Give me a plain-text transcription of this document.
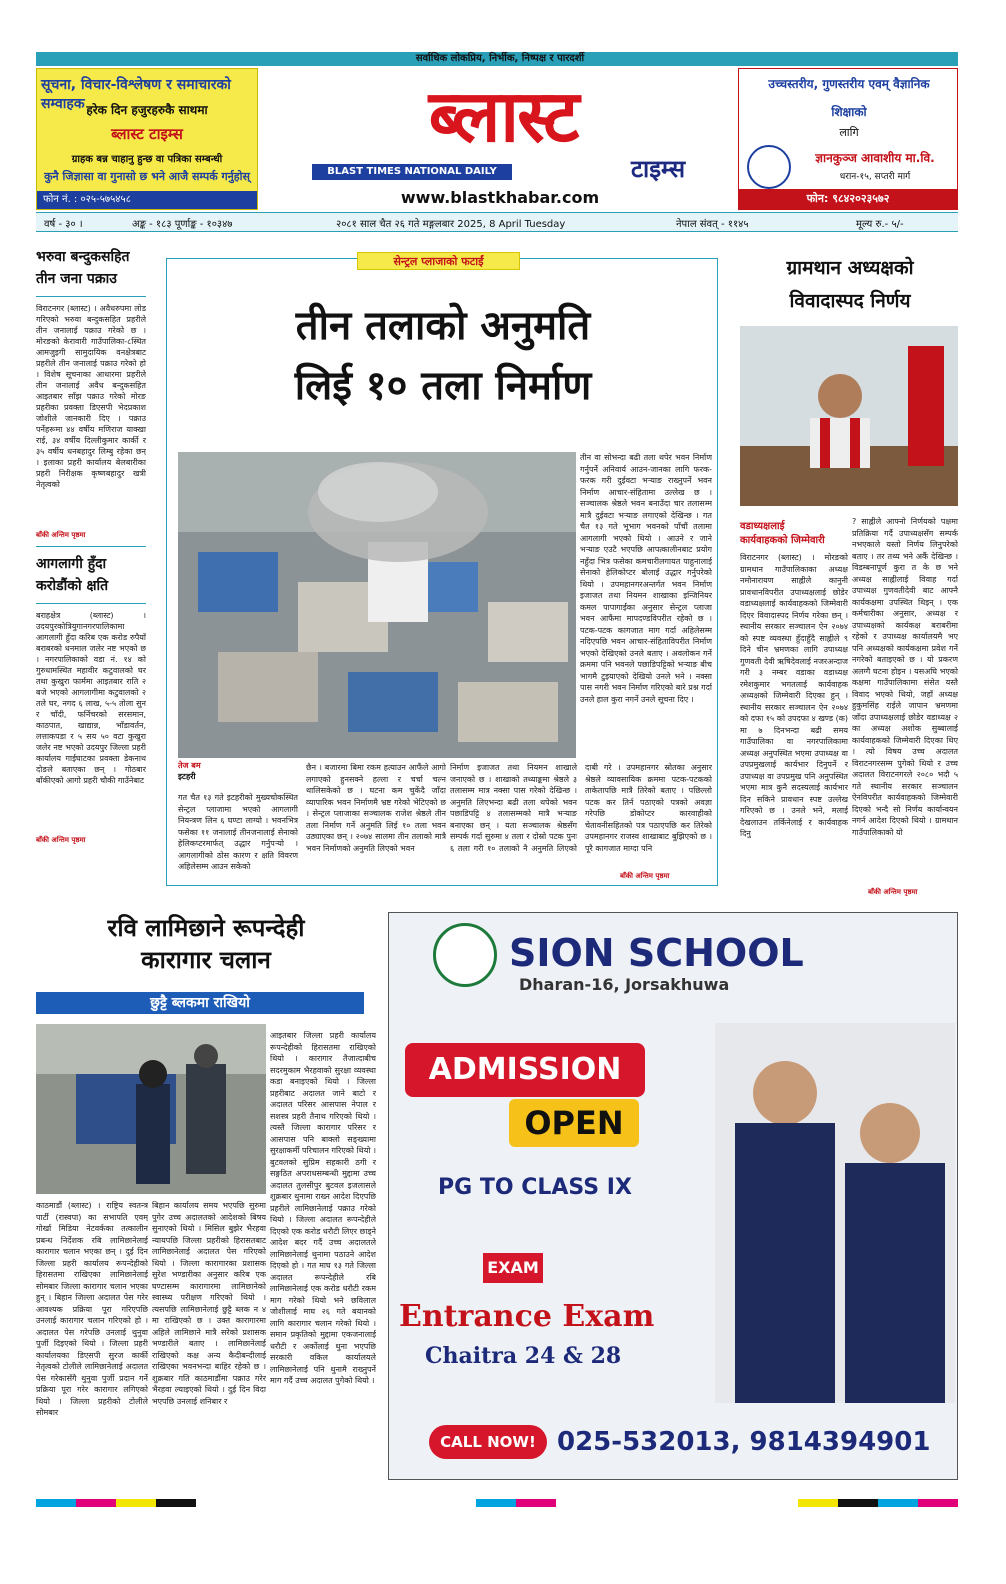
सर्वाधिक लोकप्रिय, निर्भीक, निष्पक्ष र पारदर्शी
सूचना, विचार-विश्लेषण र समाचारको सम्वाहक हरेक दिन हजुरहरुकै साथमा
ब्लास्ट टाइम्स
ग्राहक बन्न चाहानु हुन्छ वा पत्रिका सम्बन्धी
कुनै जिज्ञासा वा गुनासो छ भने आजै सम्पर्क गर्नुहोस्
फोन नं. : ०२५-५७५४५८
ब्लास्ट
BLAST TIMES NATIONAL DAILY	टाइम्स
www.blastkhabar.com
उच्चस्तरीय, गुणस्तरीय एवम् वैज्ञानिक
शिक्षाको
लागि
ज्ञानकुञ्ज आवाशीय मा.वि.
धरान-१५, सप्तरी मार्ग
फोन: ९८४२०२३५७२
वर्ष - ३० ।	अङ्क - १८३ पूर्णाङ्क - १०३४७	२०८१ साल चैत २६ गते मङ्गलबार 2025, 8 April Tuesday	नेपाल संवत् - ११४५	मूल्य रु.- ५/-
भरुवा बन्दुकसहित
तीन जना पक्राउ
विराटनगर (ब्लास्ट) । अवैधरुपमा लोड गरिएको भरुवा बन्दुकसहित प्रहरीले तीन जनालाई पक्राउ गरेको छ । मोरङको केरावारी गाउँपालिका-८स्थित आमजुइगी सामुदायिक वनक्षेत्रबाट प्रहरीले तीन जनालाई पक्राउ गरेको हो । विशेष सूचनाका आधारमा प्रहरीले तीन जनालाई अवैध बन्दुकसहित आइतबार साँझ पक्राउ गरेको मोरङ प्रहरीका प्रवक्ता डिएसपी भेदप्रकाश जोशीले जानकारी दिए । पक्राउ पर्नेहरूमा ४४ वर्षीय मणिराज याक्खा राई, ३४ वर्षीय दिल्लीकुमार कार्की र ३५ वर्षीय धनबहादुर लिम्बु रहेका छन् । इलाका प्रहरी कार्यालय बेलबारीका प्रहरी निरीक्षक कृष्णबहादुर खत्री नेतृत्वको
बाँकी अन्तिम पृष्ठमा
आगलागी हुँदा
करोडौंको क्षति
बराहक्षेत्र (ब्लास्ट) । उदयपुरकोत्रियुगानगरपालिकामा आगलागी हुँदा करिब एक करोड रुपैयाँ बराबरको धनमाल जलेर नष्ट भएको छ । नगरपालिकाको वडा नं. १४ को गुरुधामस्थित महावीर कटुवालको घर तथा कुखुरा फार्ममा आइतबार राति २ बजे भएको आगलागीमा कटुवालको २ तले घर, नगद ६ लाख, ५-५ तोला सुन र चाँदी, फर्निचरको सरसमान, काठपात, खाद्यान्न, भाँडावर्तन, लत्ताकपडा र ५ सय ५० वटा कुखुरा जलेर नष्ट भएको उदयपुर जिल्ला प्रहरी कार्यालय गाईघाटका प्रवक्ता डेकनाथ दोङले बताएका छन् । गोठबार बाँकीएको आगो प्रहरी चौकी गाउँनेबाट
बाँकी अन्तिम पृष्ठमा
सेन्ट्रल प्लाजाको फटाईं
तीन तलाको अनुमति
लिई १० तला निर्माण
तेज बम
इटहरी
तीन वा सोभन्दा बढी तला थपेर भवन निर्माण गर्नुपर्ने अनिवार्य आउन-जानका लागि फरक-फरक गरी दुईवटा भऱ्याङ राख्नुपर्ने भवन निर्माण आचार-संहितामा उल्लेख छ । सञ्चालक श्रेष्ठले भवन बनाउँदा चार तलासम्म मात्रै दुईवटा भऱ्याङ लगाएको देखिन्छ । गत चैत १३ गते भूभाग भवनको पाँचौं तलामा आगलागी भएको थियो । आउने र जाने भऱ्याङ एउटै भएपछि आपत्कालीनबाट प्रयोग नहुँदा भित्र फसेका कमचारीलगायत पाहुनालाई सेनाको हेलिकोप्टर बोलाई उद्धार गर्नुपरेको थियो । उपमहानगरअन्तर्गत भवन निर्माण इजाजत तथा नियमन शाखाका इन्जिनियर कमल पापागाईंका अनुसार सेन्ट्रल प्लाजा भवन आफैंमा मापदण्डविपरीत रहेको छ । पटक-पटक कागजात माग गर्दा अहिलेसम्म नदिएपछि भवन आचार-संहिताविपरीत निर्माण भएको देखिएको उनले बताए । अवलोकन गर्ने क्रममा पनि भवनले पछाडिपट्टिको भऱ्याङ बीच भागमै टुइयाएको देखियो उनले भने । नक्सा पास नगरी भवन निर्माण गरिएको बारे प्रश्न गर्दा उनले हाल कुरा नगर्ने उनले सूचना दिए ।
गत चैत १३ गते इटहरीको मुख्यचोकस्थित सेन्ट्रल प्लाजामा भएको आगलागी नियन्त्रण लिन ६ घण्टा लाग्यो । भवनभित्र फसेका ११ जनालाई तीनजनालाई सेनाको हेलिकप्टरमार्फत् उद्धार गर्नुपर्‍यो । आगलागीको ठोस कारण र क्षति विवरण अहिलेसम्म आउन सकेको
छैन । बजारमा बिमा रकम हत्याउन आफैंले आगो लगाएको हुनसक्ने हल्ला र चर्चा चल्न थालिसकेको छ । घटना कम चुकेंदै जाँदा व्यापारिक भवन निर्माणमै भ्रष्ट गरेको भेटिएको छ । सेन्ट्रल प्लाजाका सञ्चालक राजेश श्रेष्ठले तीन तला निर्माण गर्ने अनुमति लिई १० तला भवन उठ्याएका छन् । २०७४ सालमा तीन तलाको मात्रै भवन निर्माणको अनुमति लिएको भवन
निर्माण इजाजत तथा नियमन शाखाले जनाएको छ । शाखाको तथ्याङ्कमा श्रेष्ठले ३ तलासम्म मात्र नक्सा पास गरेको देखिन्छ । अनुमति लिएभन्दा बढी तला थपेको भवन पछाडिपट्टि ४ तलासम्मको मात्रै भऱ्याङ बनाएका छन् । यता सञ्चालक श्रेष्ठसँग सम्पर्क गर्दा सुरुमा ४ तला र दोस्रो पटक पुनः ६ तला गरी १० तलाको नै अनुमति लिएको दाबी गरे । उपमहानगर स्रोतका अनुसार श्रेष्ठले व्यावसायिक क्रममा पटक-पटकको ताकेतापछि मात्रै तिरेको बताए । पछिल्लो पटक कर तिर्न पठाएको पत्रको अवज्ञा गरेपछि डोकोप्टर कारवाहीको चेतावनीसहितको पत्र पठाएपछि कर तिरेको उपमहानगर राजस्व शाखाबाट बुझिएको छ । पूरै कागजात माग्दा पनि
बाँकी अन्तिम पृष्ठमा
ग्रामथान अध्यक्षको
विवादास्पद निर्णय
वडाध्यक्षलाई
कार्यवाहकको जिम्मेवारी
विराटनगर (ब्लास्ट) । मोरङको ग्रामथान गाउँपालिकाका अध्यक्ष नमोनारायण साह्नीले कानुनी प्रावधानविपरीत उपाध्यक्षलाई छोडेर वडाध्यक्षलाई कार्यवाहकको जिम्मेवारी दिएर विवादास्पद निर्णय गरेका छन् । स्थानीय सरकार सञ्चालन ऐन २०७४ को स्पष्ट व्यवस्था हुँदाहुँदै साह्नीले ९ दिने चीन भ्रमणका लागि उपाध्यक्ष गुणवती देवी ऋषिदेवलाई नजरअन्दाज गरी ३ नम्बर वडाका वडाध्यक्ष रमेशकुमार भगतलाई कार्यवाहक अध्यक्षको जिम्मेवारी दिएका हुन् । स्थानीय सरकार सञ्चालन ऐन २०७४ को दफा १५ को उपदफा ४ खण्ड (क) मा ७ दिनभन्दा बढी समय गाउँपालिका वा नगरपालिकामा अध्यक्ष अनुपस्थित भएमा उपाध्यक्ष वा उपप्रमुखलाई कार्यभार दिनुपर्ने र उपाध्यक्ष वा उपप्रमुख पनि अनुपस्थित भएमा मात्र कुनै सदस्यलाई कार्यभार दिन सकिने प्रावधान स्पष्ट उल्लेख गरिएको छ । उनले भने, मलाई देखलाउन तर्किनेलाई र कार्यवाहक दिनु
? साह्नीले आफ्नो निर्णयको पक्षमा प्रतिक्रिया गर्दै उपाध्यक्षसँग सम्पर्क नभएकाले यस्तो निर्णय लिनुपरेको बताए । तर तथ्य भने अर्कै देखिन्छ । विडम्बनापूर्ण कुरा त के छ भने अध्यक्ष साह्नीलाई विवाह गर्दा उपाध्यक्ष गुणवतीदेवी बाट आफ्नै कार्यकक्षमा उपस्थित थिइन् । एक कर्मचारीका अनुसार, अध्यक्ष र उपाध्यक्षको कार्यकक्ष बराबरीमा रहेको र उपाध्यक्ष कार्यालयमै भए पनि अध्यक्षको कार्यकक्षमा प्रवेश गर्ने नगरेको बताइएको छ । यो प्रकरण अलग्गै घटना होइन । यसअघि भएको कक्षमा गाउँपालिकामा संसेत यस्तै विवाद भएको थियो, जहाँ अध्यक्ष हुकुमसिंह राईले जापान भ्रमणमा जाँदा उपाध्यक्षलाई छोडेर वडाध्यक्ष २ का अध्यक्ष अशोक सुब्बालाई कार्यवाहकको जिम्मेवारी दिएका थिए । त्यो विषय उच्च अदालत विराटनगरसम्म पुगेको थियो र उच्च अदालत विराटनगरले २०८० भदौ ५ गते स्थानीय सरकार सञ्चालन ऐनविपरीत कार्यवाहकको जिम्मेवारी दिएको भन्दै सो निर्णय कार्यान्वयन नगर्न आदेश दिएको थियो । ग्रामथान गाउँपालिकाको यो
बाँकी अन्तिम पृष्ठमा
रवि लामिछाने रूपन्देही
कारागार चलान
छुट्टै ब्लकमा राखियो
काठमाडौं (ब्लास्ट) । राष्ट्रिय स्वतन्त्र पार्टी (रास्वपा) का सभापति एवम् गोर्खा मिडिया नेटवर्कका तत्कालीन प्रबन्ध निर्देशक रबि लामिछानेलाई कारागार चलान भएका छन् । दुई दिन जिल्ला प्रहरी कार्यालय रूपन्देहीको हिरासतमा राखिएका लामिछानेलाई सोमबार जिल्ला कारागार चलान भएका हुन् । बिहान जिल्ला अदालत पेस गरेर आवश्यक प्रक्रिया पूरा गरिएपछि उनलाई कारागार चलान गरिएको हो । अदालत पेस गरेपछि उनलाई थुनुवा पुर्जी दिइएको थियो । जिल्ला प्रहरी कार्यालयका डिएसपी सुरज कार्की नेतृत्वको टोलीले लामिछानेलाई अदालत पेस गरेकासँगै थुनुवा पुर्जी प्रदान गर्ने प्रक्रिया पूरा गरेर कारागार लगिएको थियो । जिल्ला प्रहरीको टोलीले सोमबार
बिहान कार्यालय समय भएपछि सुरुमा पुगेर उच्च अदालतको आदेशको बिषय सुनाएको थियो । मिसिल बुझेर भैरहवा न्यायपछि जिल्ला प्रहरीको हिरासतबाट लामिछानेलाई अदालत पेस गरिएको थियो । जिल्ला कारागारका प्रशासक सुरेश भण्डारीका अनुसार करिब एक घण्टासम्म कारागारमा लामिछानेको स्वास्थ्य परीक्षण गरिएको थियो । त्यसपछि लामिछानेलाई छुट्टै ब्लक न ४ मा राखिएको छ । उक्त कारागारमा अहिले लामिछाने मात्रै सरेको प्रशासक भण्डारीले बताए । लामिछानेलाई राखिएको कक्ष अन्य कैदीबन्दीलाई राखिएका भवनभन्दा बाहिर रहेको छ । शुक्रबार गति काठमाडौंमा पक्राउ गरेर भैरहवा ल्याइएको थियो । दुई दिन विदा भएपछि उनलाई शनिबार र
आइतबार जिल्ला प्रहरी कार्यालय रूपन्देहीको हिरासतमा राखिएको थियो । कारागार तैजात्दाबीच सदरमुकाम भैरहवाको सुरक्षा व्यवस्था कडा बनाइएको थियो । जिल्ला प्रहरीबाट अदालत जाने बाटो र अदालत परिसर आसपास नेपाल र सशस्त्र प्रहरी तैनाथ गरिएको थियो । त्यस्तै जिल्ला कारागार परिसर र आसपास पनि बाक्लो सङ्ख्यामा सुरक्षाकर्मी परिचालन गरिएको थियो । बुटवलको सुप्रिम सहकारी ठगी र सङ्गठित अपराधसम्बन्धी मुद्दामा उच्च अदालत तुलसीपुर बुटवल इजलासले शुक्रबार थुनामा राख्न आदेश दिएपछि प्रहरीले लामिछानेलाई पक्राउ गरेको थियो । जिल्ला अदालत रूपन्देहीले दिएको एक करोड धरौटी लिएर छाड्ने आदेश बदर गर्दै उच्च अदालतले लामिछानेलाई थुनामा पठाउने आदेश दिएको हो । गत माघ १३ गते जिल्ला अदालत रूपन्देहीले रबि लामिछानेलाई एक करोड धरौटी रकम माग गरेको थियो भने छविलाल जोशीलाई माघ २६ गते बयानको लागि कारागार चलान गरेको थियो । समान प्रकृतिको मुद्दामा एकजनालाई धरौटी र अर्कोलाई थुना भएपछि सरकारी वकिल कार्यालयले लामिछानेलाई पनि थुनामै राख्नुपर्ने माग गर्दै उच्च अदालत पुगेको थियो ।
SION SCHOOL
Dharan-16, Jorsakhuwa
ADMISSION
OPEN
PG TO CLASS IX
EXAM
Entrance Exam
Chaitra 24 & 28
CALL NOW! 025-532013, 9814394901
